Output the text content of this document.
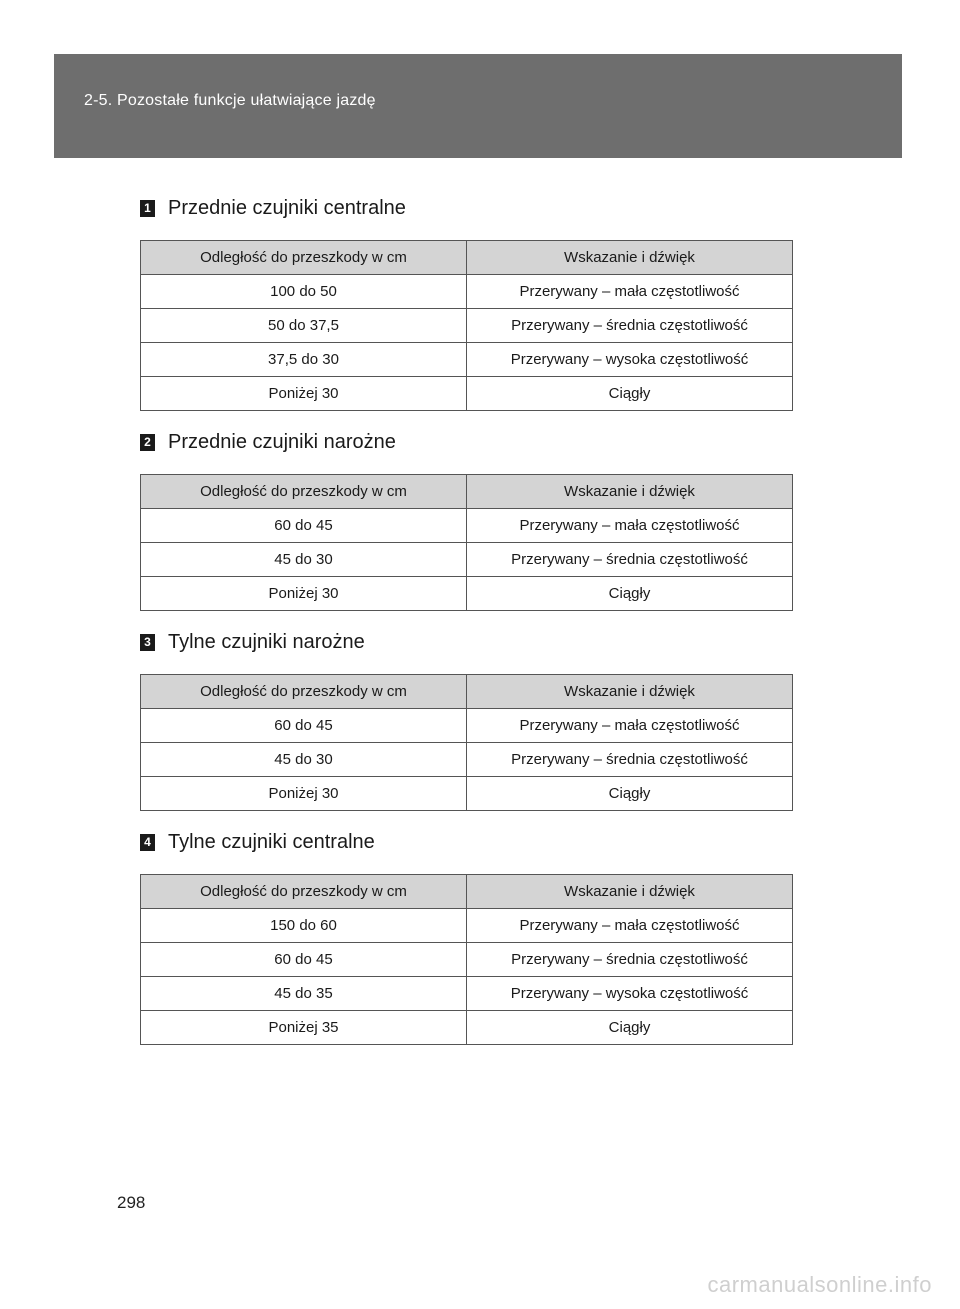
2-5. Pozostałe funkcje ułatwiające jazdę
1 Przednie czujniki centralne
Odległość do przeszkody w cm	Wskazanie i dźwięk
100 do 50	Przerywany – mała częstotliwość
50 do 37,5	Przerywany – średnia częstotliwość
37,5 do 30	Przerywany – wysoka częstotliwość
Poniżej 30	Ciągły
2 Przednie czujniki narożne
Odległość do przeszkody w cm	Wskazanie i dźwięk
60 do 45	Przerywany – mała częstotliwość
45 do 30	Przerywany – średnia częstotliwość
Poniżej 30	Ciągły
3 Tylne czujniki narożne
Odległość do przeszkody w cm	Wskazanie i dźwięk
60 do 45	Przerywany – mała częstotliwość
45 do 30	Przerywany – średnia częstotliwość
Poniżej 30	Ciągły
4 Tylne czujniki centralne
Odległość do przeszkody w cm	Wskazanie i dźwięk
150 do 60	Przerywany – mała częstotliwość
60 do 45	Przerywany – średnia częstotliwość
45 do 35	Przerywany – wysoka częstotliwość
Poniżej 35	Ciągły
298
carmanualsonline.info
